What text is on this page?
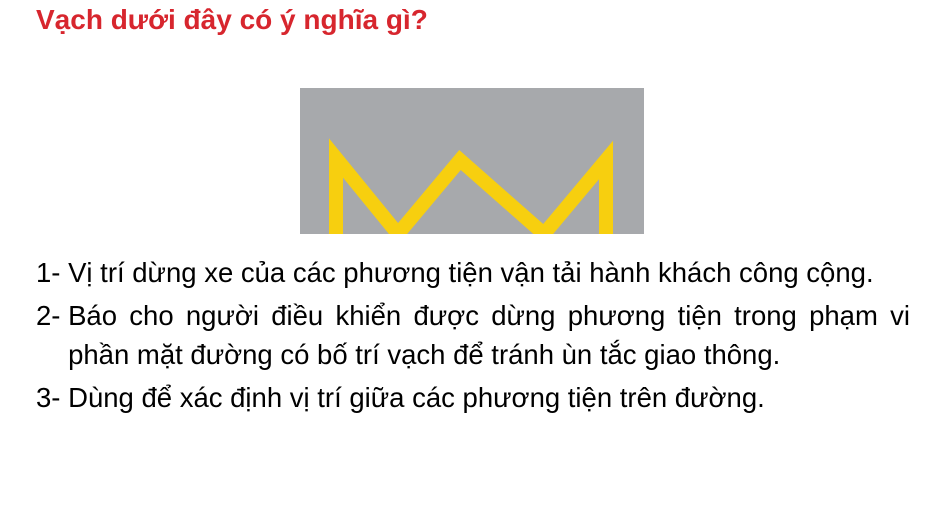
Vạch dưới đây có ý nghĩa gì?
1- Vị trí dừng xe của các phương tiện vận tải hành khách công cộng.
2- Báo cho người điều khiển được dừng phương tiện trong phạm vi phần mặt đường có bố trí vạch để tránh ùn tắc giao thông.
3- Dùng để xác định vị trí giữa các phương tiện trên đường.
